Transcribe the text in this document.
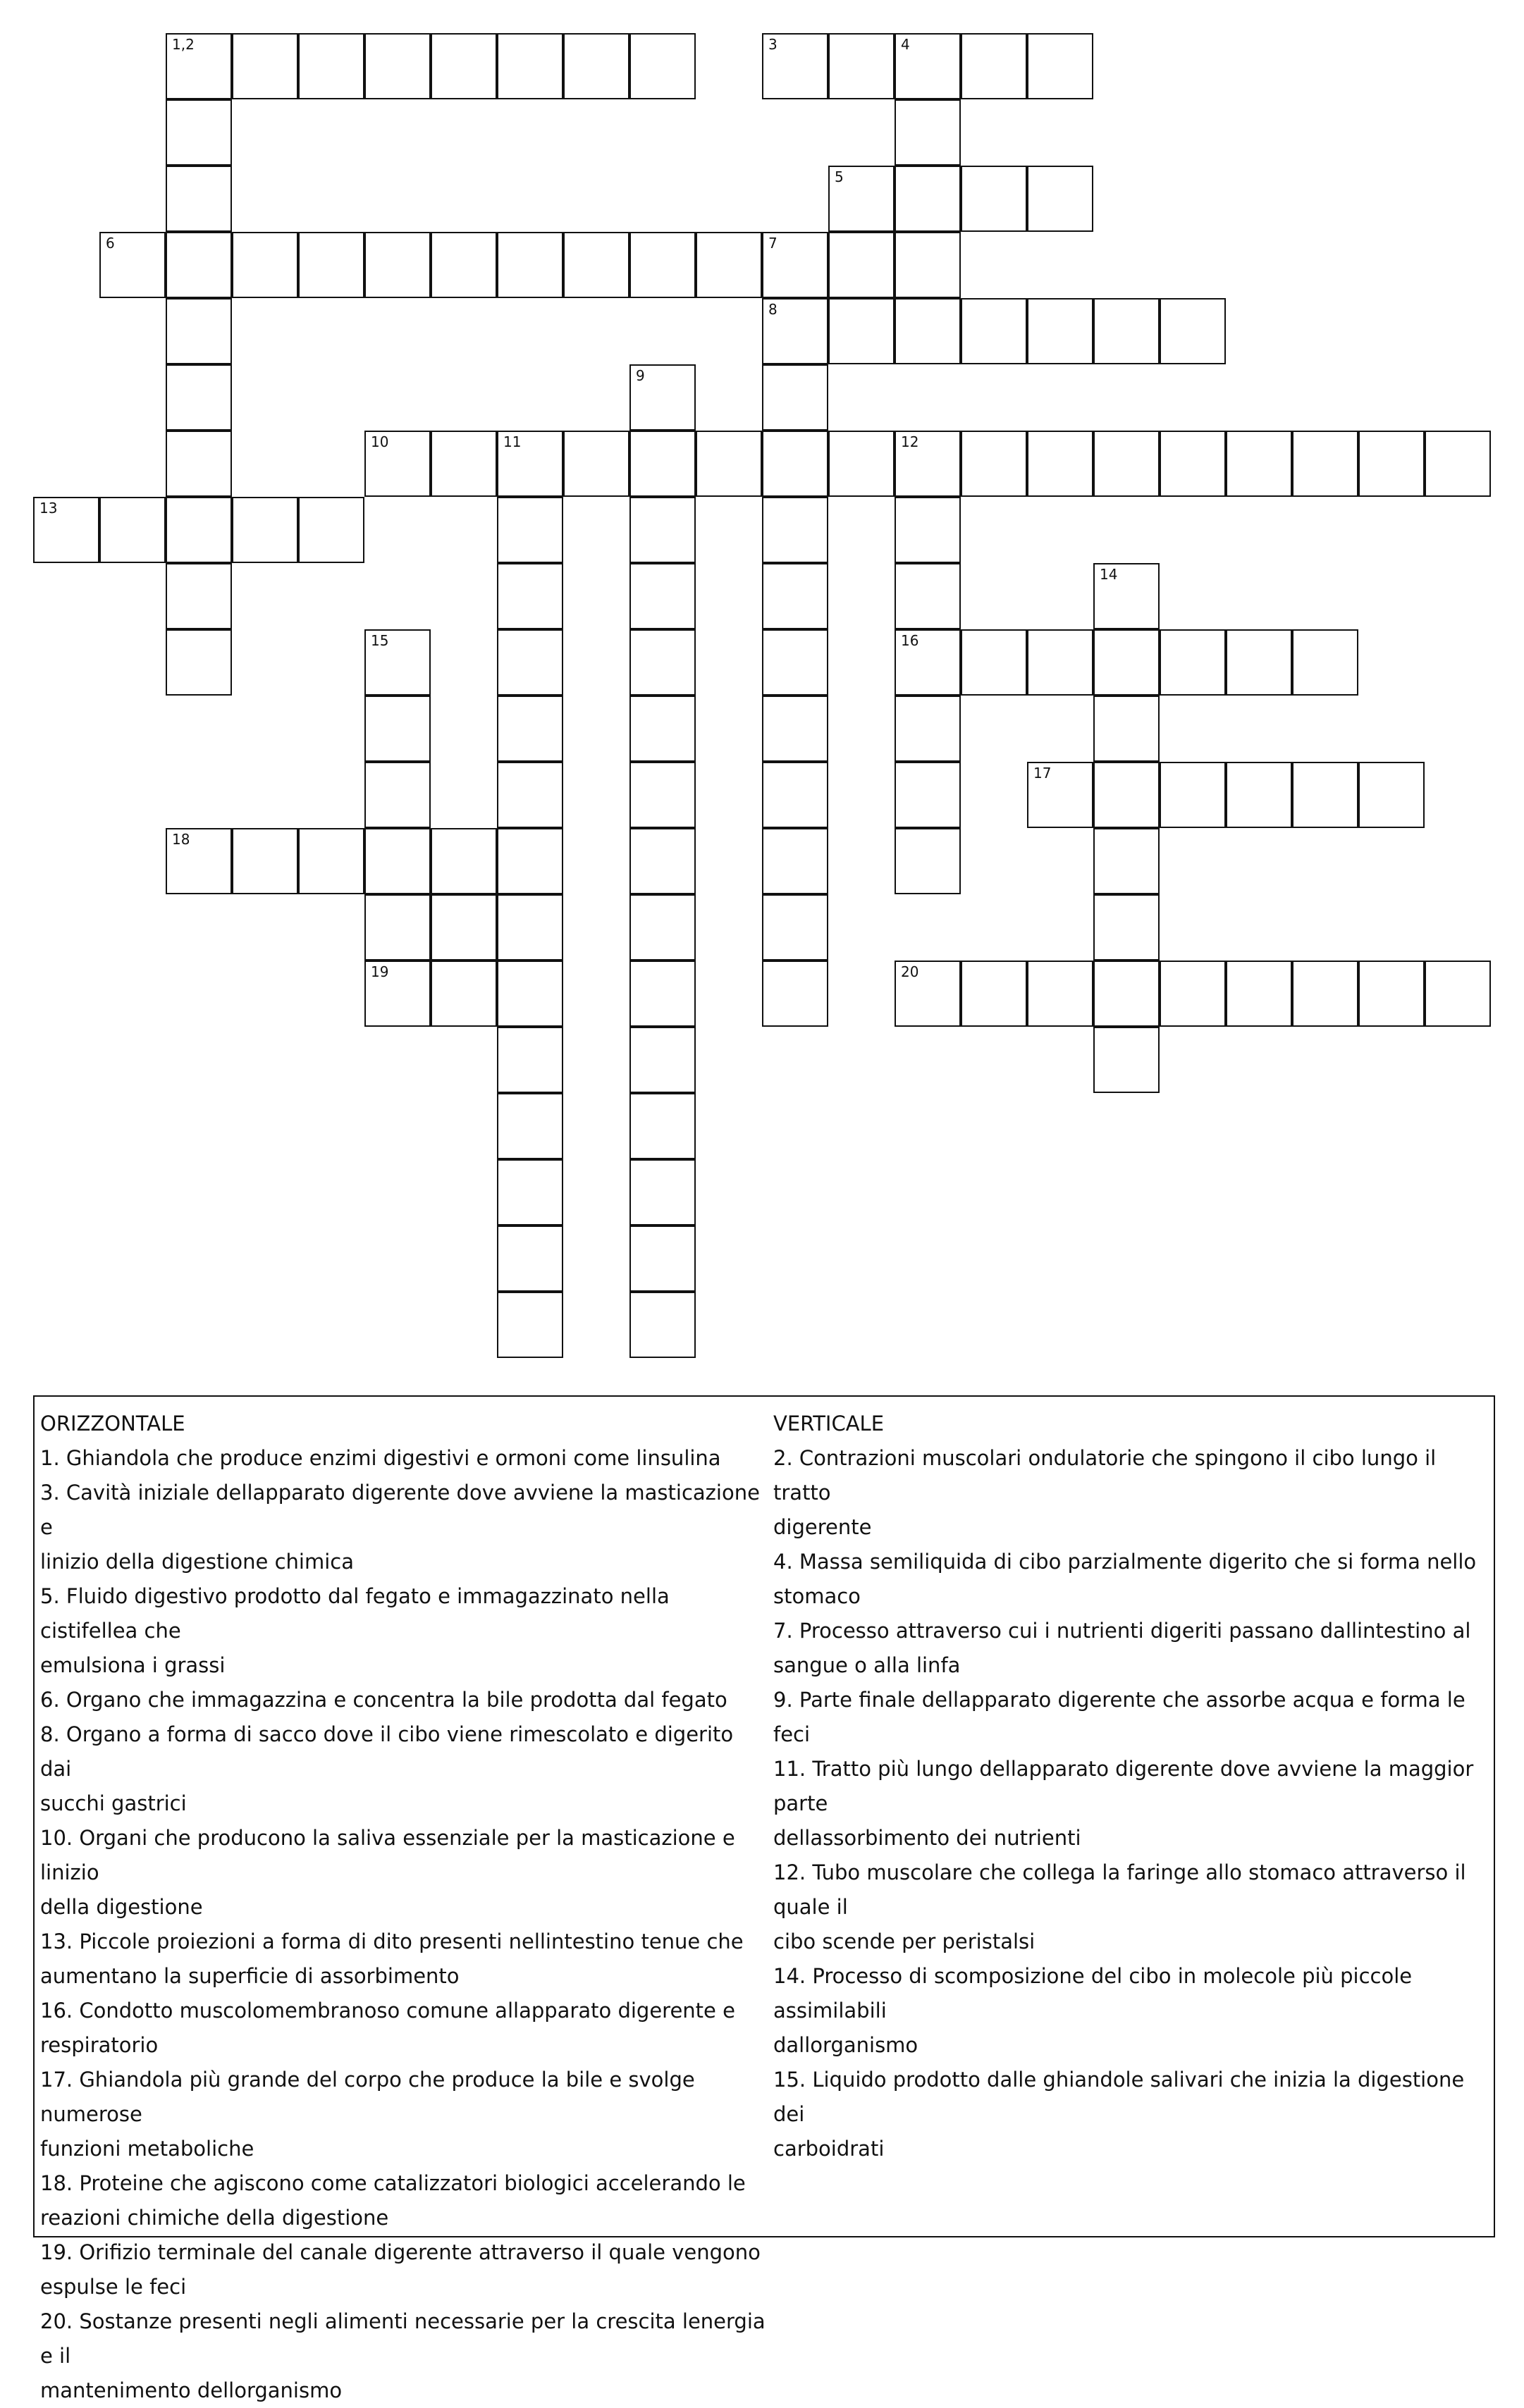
1,2	3	4
5
6	7
8
9
10	11	12
13
14
15	16
17
18
19	20
ORIZZONTALE
1. Ghiandola che produce enzimi digestivi e ormoni come linsulina
3. Cavità iniziale dellapparato digerente dove avviene la masticazione e
linizio della digestione chimica
5. Fluido digestivo prodotto dal fegato e immagazzinato nella cistifellea che
emulsiona i grassi
6. Organo che immagazzina e concentra la bile prodotta dal fegato
8. Organo a forma di sacco dove il cibo viene rimescolato e digerito dai
succhi gastrici
10. Organi che producono la saliva essenziale per la masticazione e linizio
della digestione
13. Piccole proiezioni a forma di dito presenti nellintestino tenue che
aumentano la superficie di assorbimento
16. Condotto muscolomembranoso comune allapparato digerente e
respiratorio
17. Ghiandola più grande del corpo che produce la bile e svolge numerose
funzioni metaboliche
18. Proteine che agiscono come catalizzatori biologici accelerando le
reazioni chimiche della digestione
19. Orifizio terminale del canale digerente attraverso il quale vengono
espulse le feci
20. Sostanze presenti negli alimenti necessarie per la crescita lenergia e il
mantenimento dellorganismo
VERTICALE
2. Contrazioni muscolari ondulatorie che spingono il cibo lungo il tratto
digerente
4. Massa semiliquida di cibo parzialmente digerito che si forma nello
stomaco
7. Processo attraverso cui i nutrienti digeriti passano dallintestino al
sangue o alla linfa
9. Parte finale dellapparato digerente che assorbe acqua e forma le feci
11. Tratto più lungo dellapparato digerente dove avviene la maggior parte
dellassorbimento dei nutrienti
12. Tubo muscolare che collega la faringe allo stomaco attraverso il quale il
cibo scende per peristalsi
14. Processo di scomposizione del cibo in molecole più piccole assimilabili
dallorganismo
15. Liquido prodotto dalle ghiandole salivari che inizia la digestione dei
carboidrati
